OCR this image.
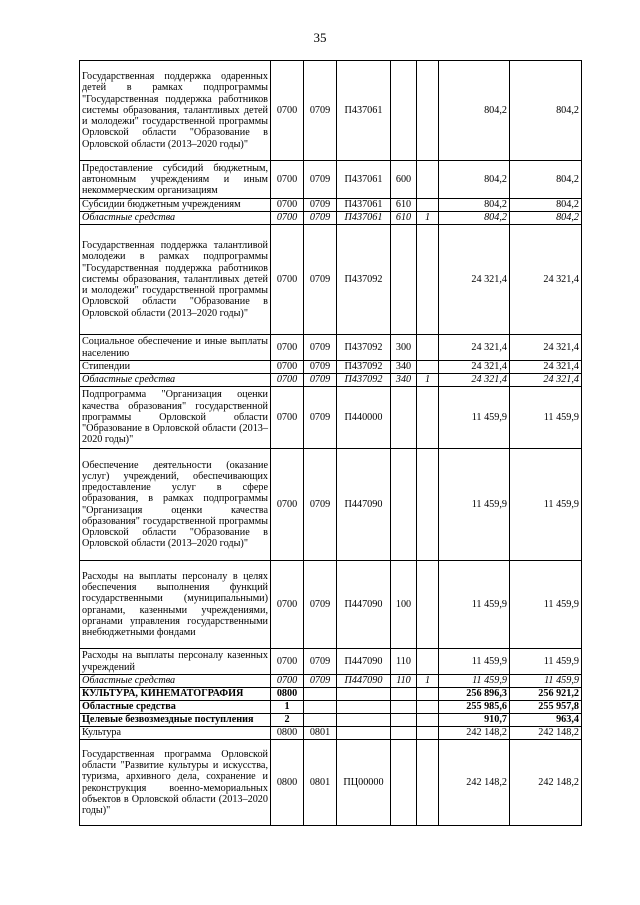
35
Государственная поддержка одаренных детей в рамках подпрограммы "Государственная поддержка работников системы образования, талантливых детей и молодежи" государственной программы Орловской области "Образование в Орловской области (2013–2020 годы)"	0700	0709	П437061			804,2	804,2
Предоставление субсидий бюджетным, автономным учреждениям и иным некоммерческим организациям	0700	0709	П437061	600		804,2	804,2
Субсидии бюджетным учреждениям	0700	0709	П437061	610		804,2	804,2
Областные средства	0700	0709	П437061	610	1	804,2	804,2
Государственная поддержка талантливой молодежи в рамках подпрограммы "Государственная поддержка работников системы образования, талантливых детей и молодежи" государственной программы Орловской области "Образование в Орловской области (2013–2020 годы)"	0700	0709	П437092			24 321,4	24 321,4
Социальное обеспечение и иные выплаты населению	0700	0709	П437092	300		24 321,4	24 321,4
Стипендии	0700	0709	П437092	340		24 321,4	24 321,4
Областные средства	0700	0709	П437092	340	1	24 321,4	24 321,4
Подпрограмма "Организация оценки качества образования" государственной программы Орловской области "Образование в Орловской области (2013–2020 годы)"	0700	0709	П440000			11 459,9	11 459,9
Обеспечение деятельности (оказание услуг) учреждений, обеспечивающих предоставление услуг в сфере образования, в рамках подпрограммы "Организация оценки качества образования" государственной программы Орловской области "Образование в Орловской области (2013–2020 годы)"	0700	0709	П447090			11 459,9	11 459,9
Расходы на выплаты персоналу в целях обеспечения выполнения функций государственными (муниципальными) органами, казенными учреждениями, органами управления государственными внебюджетными фондами	0700	0709	П447090	100		11 459,9	11 459,9
Расходы на выплаты персоналу казенных учреждений	0700	0709	П447090	110		11 459,9	11 459,9
Областные средства	0700	0709	П447090	110	1	11 459,9	11 459,9
КУЛЬТУРА, КИНЕМАТОГРАФИЯ	0800					256 896,3	256 921,2
Областные средства	1					255 985,6	255 957,8
Целевые безвозмездные поступления	2					910,7	963,4
Культура	0800	0801				242 148,2	242 148,2
Государственная программа Орловской области "Развитие культуры и искусства, туризма, архивного дела, сохранение и реконструкция военно-мемориальных объектов в Орловской области (2013–2020 годы)"	0800	0801	ПЦ00000			242 148,2	242 148,2
